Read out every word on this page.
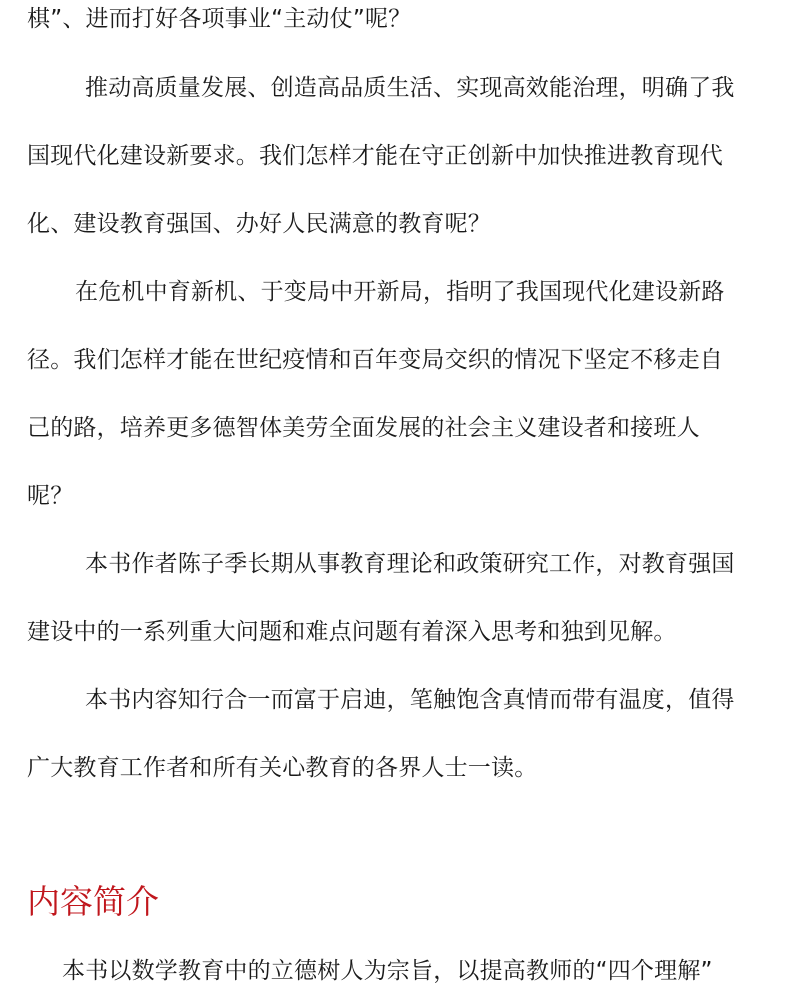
棋”、进而打好各项事业“主动仗”呢？
推动高质量发展、创造高品质生活、实现高效能治理，明确了我
国现代化建设新要求。我们怎样才能在守正创新中加快推进教育现代
化、建设教育强国、办好人民满意的教育呢？
在危机中育新机、于变局中开新局，指明了我国现代化建设新路
径。我们怎样才能在世纪疫情和百年变局交织的情况下坚定不移走自
己的路，培养更多德智体美劳全面发展的社会主义建设者和接班人
呢？
本书作者陈子季长期从事教育理论和政策研究工作，对教育强国
建设中的一系列重大问题和难点问题有着深入思考和独到见解。
本书内容知行合一而富于启迪，笔触饱含真情而带有温度，值得
广大教育工作者和所有关心教育的各界人士一读。
内容简介
本书以数学教育中的立德树人为宗旨，以提高教师的“四个理解”
